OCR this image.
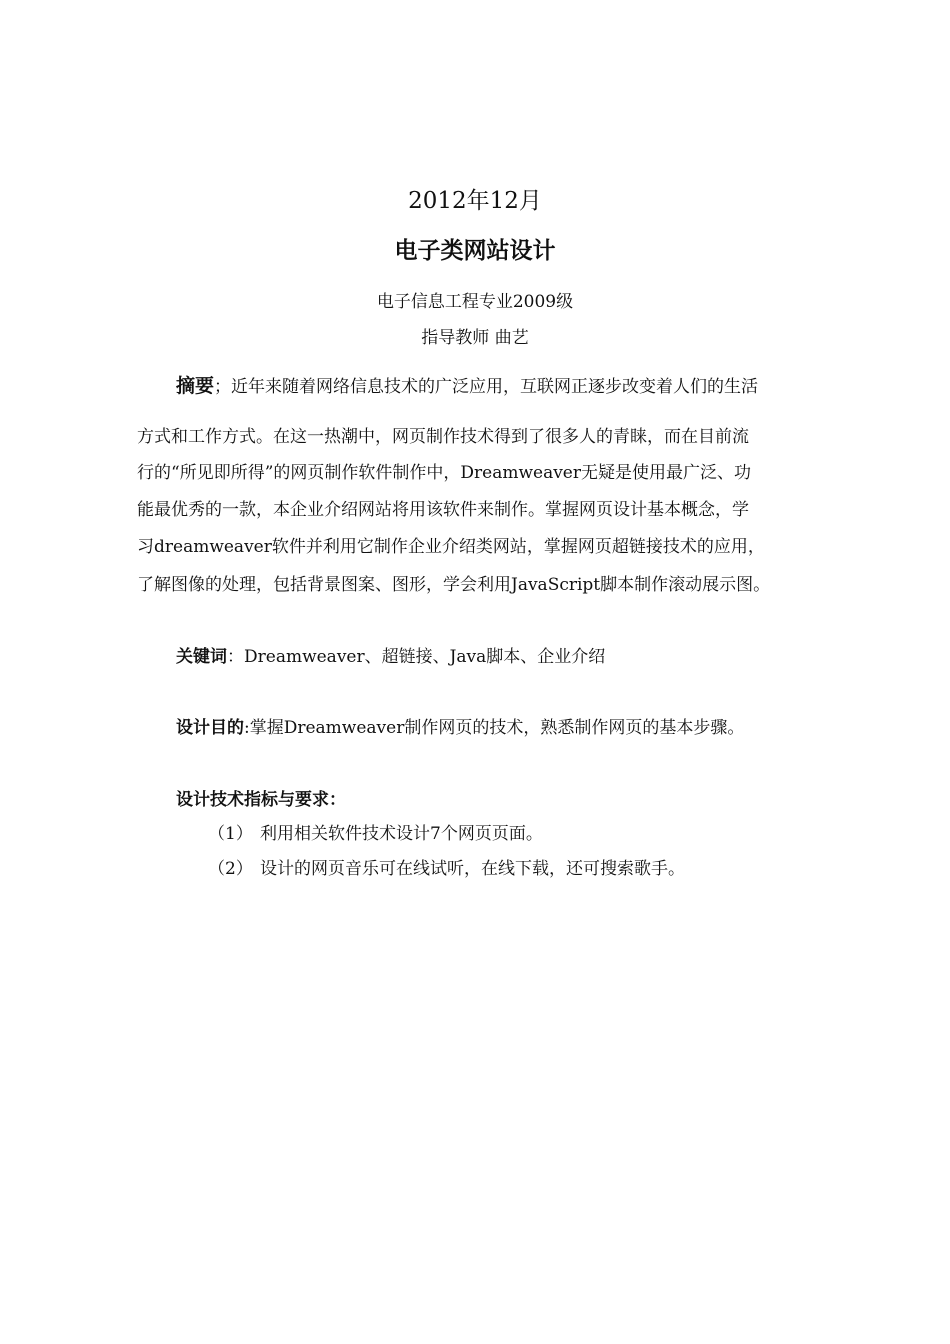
2012年12月
电子类网站设计
电子信息工程专业2009级
指导教师 曲艺
摘要；近年来随着网络信息技术的广泛应用，互联网正逐步改变着人们的生活
方式和工作方式。在这一热潮中，网页制作技术得到了很多人的青睐，而在目前流
行的“所见即所得”的网页制作软件制作中，Dreamweaver无疑是使用最广泛、功
能最优秀的一款，本企业介绍网站将用该软件来制作。掌握网页设计基本概念，学
习dreamweaver软件并利用它制作企业介绍类网站，掌握网页超链接技术的应用，
了解图像的处理，包括背景图案、图形，学会利用JavaScript脚本制作滚动展示图。
关键词：Dreamweaver、超链接、Java脚本、企业介绍
设计目的:掌握Dreamweaver制作网页的技术，熟悉制作网页的基本步骤。
设计技术指标与要求：
（1） 利用相关软件技术设计7个网页页面。
（2） 设计的网页音乐可在线试听，在线下载，还可搜索歌手。
